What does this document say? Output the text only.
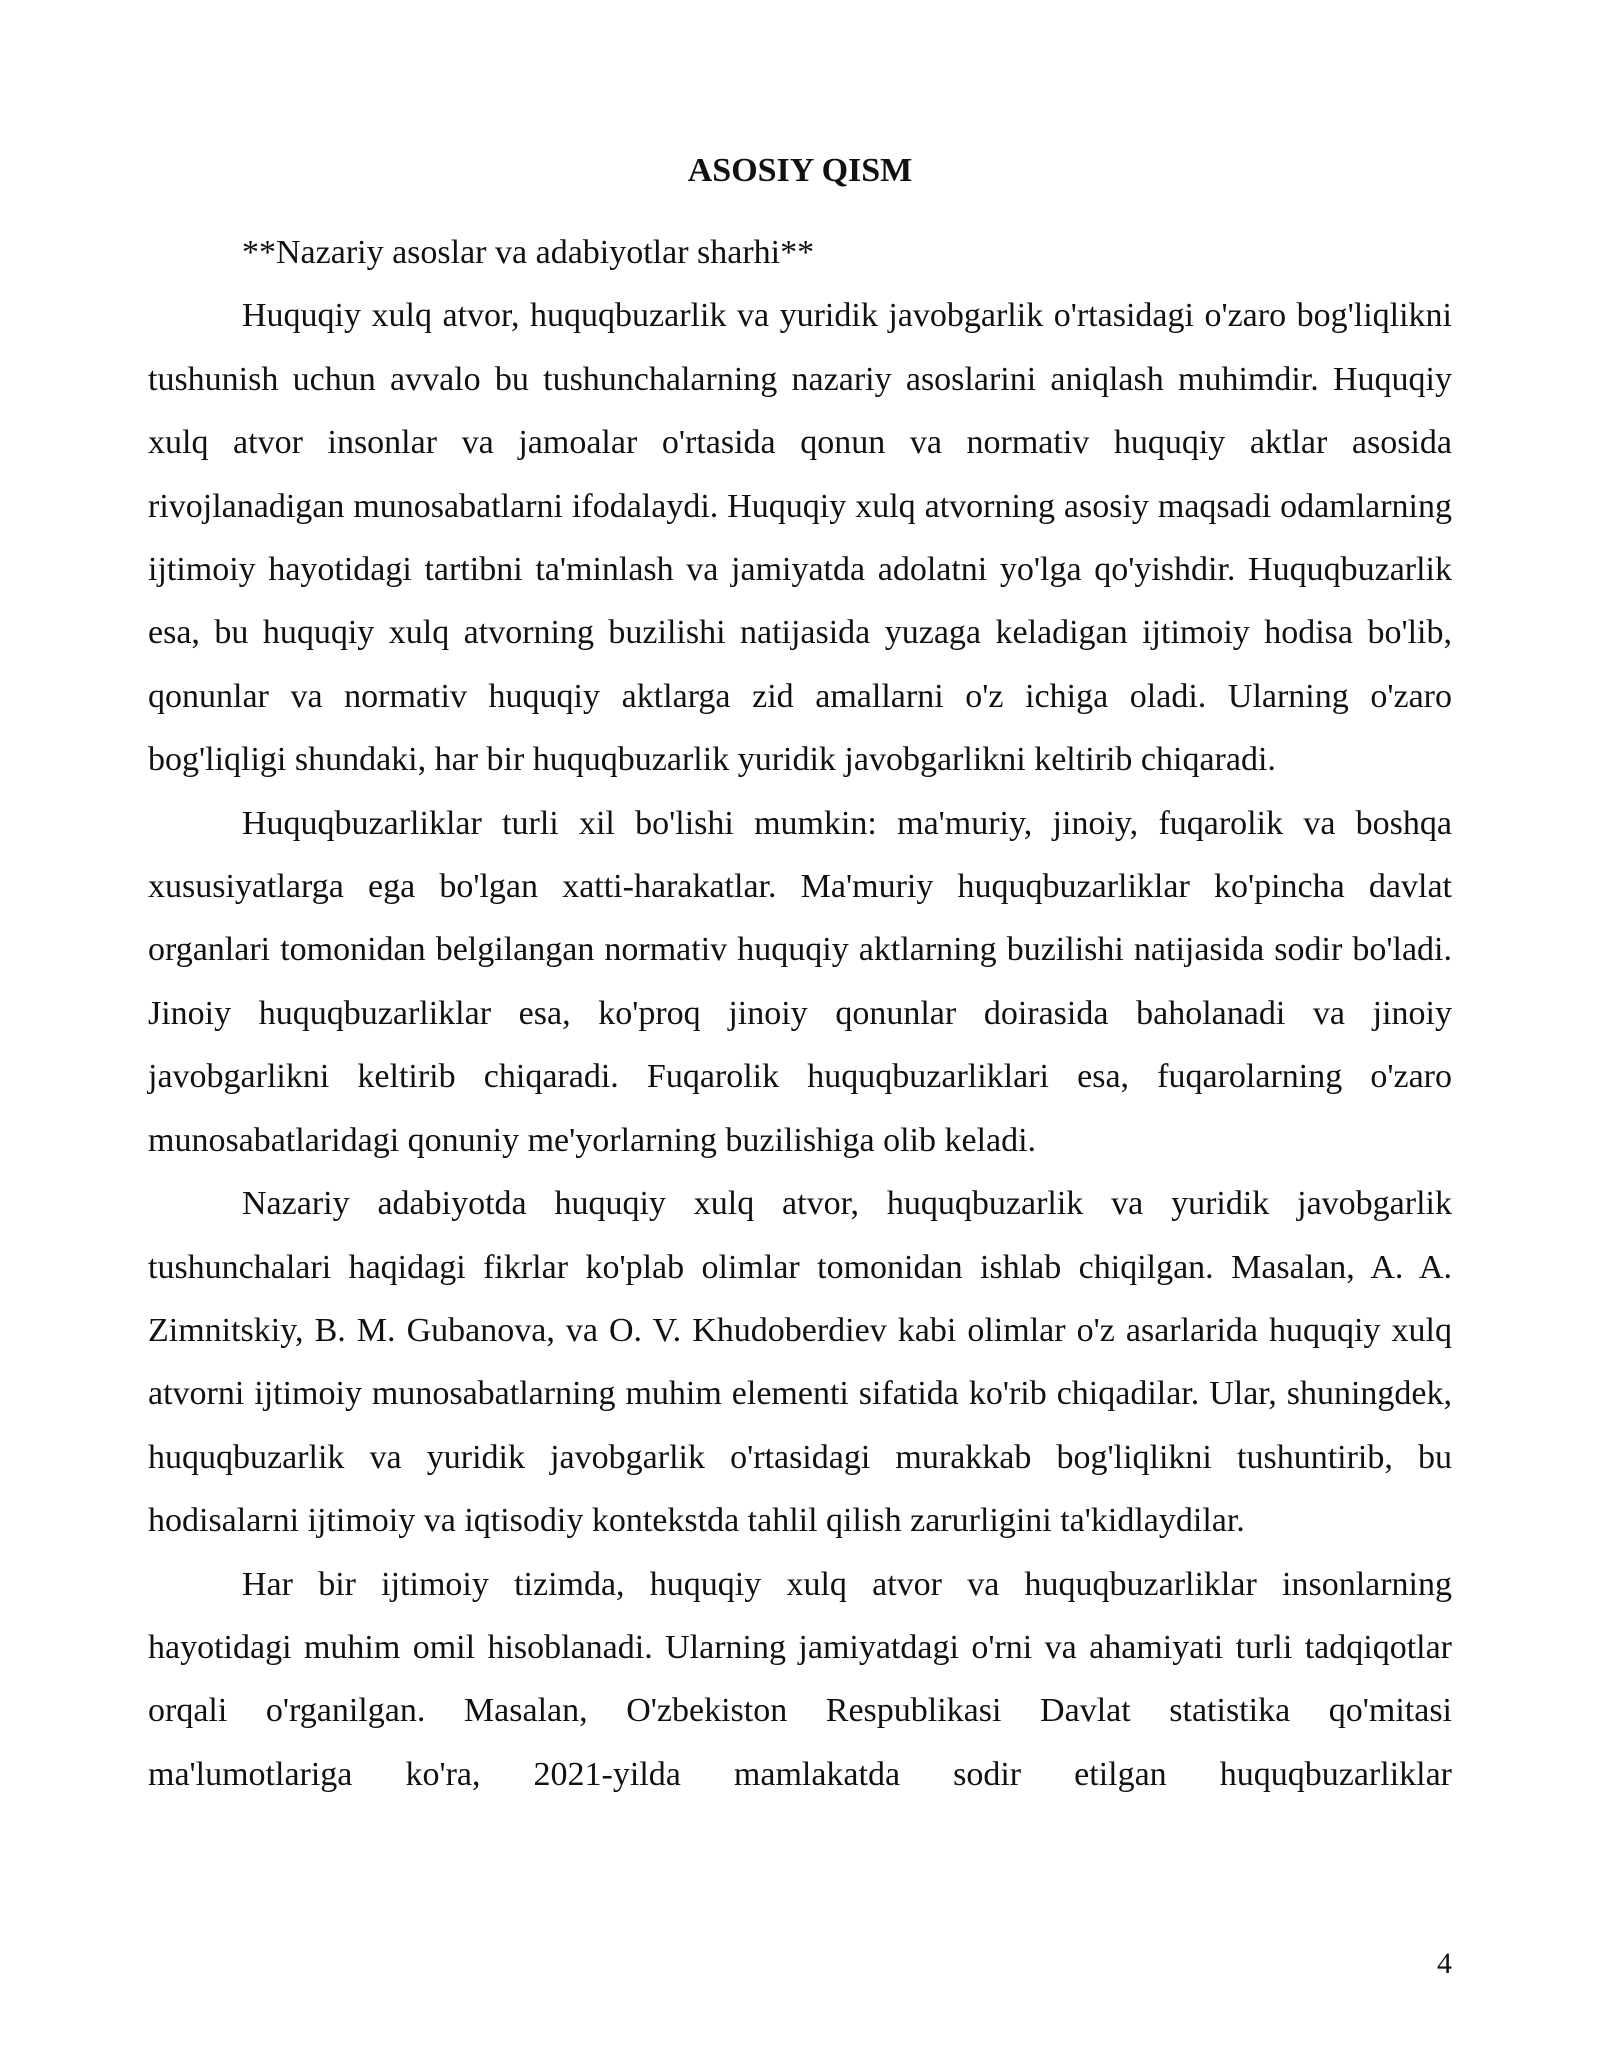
ASOSIY QISM

**Nazariy asoslar va adabiyotlar sharhi**

Huquqiy xulq atvor, huquqbuzarlik va yuridik javobgarlik o'rtasidagi o'zaro bog'liqlikni tushunish uchun avvalo bu tushunchalarning nazariy asoslarini aniqlash muhimdir. Huquqiy xulq atvor insonlar va jamoalar o'rtasida qonun va normativ huquqiy aktlar asosida rivojlanadigan munosabatlarni ifodalaydi. Huquqiy xulq atvorning asosiy maqsadi odamlarning ijtimoiy hayotidagi tartibni ta'minlash va jamiyatda adolatni yo'lga qo'yishdir. Huquqbuzarlik esa, bu huquqiy xulq atvorning buzilishi natijasida yuzaga keladigan ijtimoiy hodisa bo'lib, qonunlar va normativ huquqiy aktlarga zid amallarni o'z ichiga oladi. Ularning o'zaro bog'liqligi shundaki, har bir huquqbuzarlik yuridik javobgarlikni keltirib chiqaradi.

Huquqbuzarliklar turli xil bo'lishi mumkin: ma'muriy, jinoiy, fuqarolik va boshqa xususiyatlarga ega bo'lgan xatti-harakatlar. Ma'muriy huquqbuzarliklar ko'pincha davlat organlari tomonidan belgilangan normativ huquqiy aktlarning buzilishi natijasida sodir bo'ladi. Jinoiy huquqbuzarliklar esa, ko'proq jinoiy qonunlar doirasida baholanadi va jinoiy javobgarlikni keltirib chiqaradi. Fuqarolik huquqbuzarliklari esa, fuqarolarning o'zaro munosabatlaridagi qonuniy me'yorlarning buzilishiga olib keladi.

Nazariy adabiyotda huquqiy xulq atvor, huquqbuzarlik va yuridik javobgarlik tushunchalari haqidagi fikrlar ko'plab olimlar tomonidan ishlab chiqilgan. Masalan, A. A. Zimnitskiy, B. M. Gubanova, va O. V. Khudoberdiev kabi olimlar o'z asarlarida huquqiy xulq atvorni ijtimoiy munosabatlarning muhim elementi sifatida ko'rib chiqadilar. Ular, shuningdek, huquqbuzarlik va yuridik javobgarlik o'rtasidagi murakkab bog'liqlikni tushuntirib, bu hodisalarni ijtimoiy va iqtisodiy kontekstda tahlil qilish zarurligini ta'kidlaydilar.

Har bir ijtimoiy tizimda, huquqiy xulq atvor va huquqbuzarliklar insonlarning hayotidagi muhim omil hisoblanadi. Ularning jamiyatdagi o'rni va ahamiyati turli tadqiqotlar orqali o'rganilgan. Masalan, O'zbekiston Respublikasi Davlat statistika qo'mitasi ma'lumotlariga ko'ra, 2021-yilda mamlakatda sodir etilgan huquqbuzarliklar

4
